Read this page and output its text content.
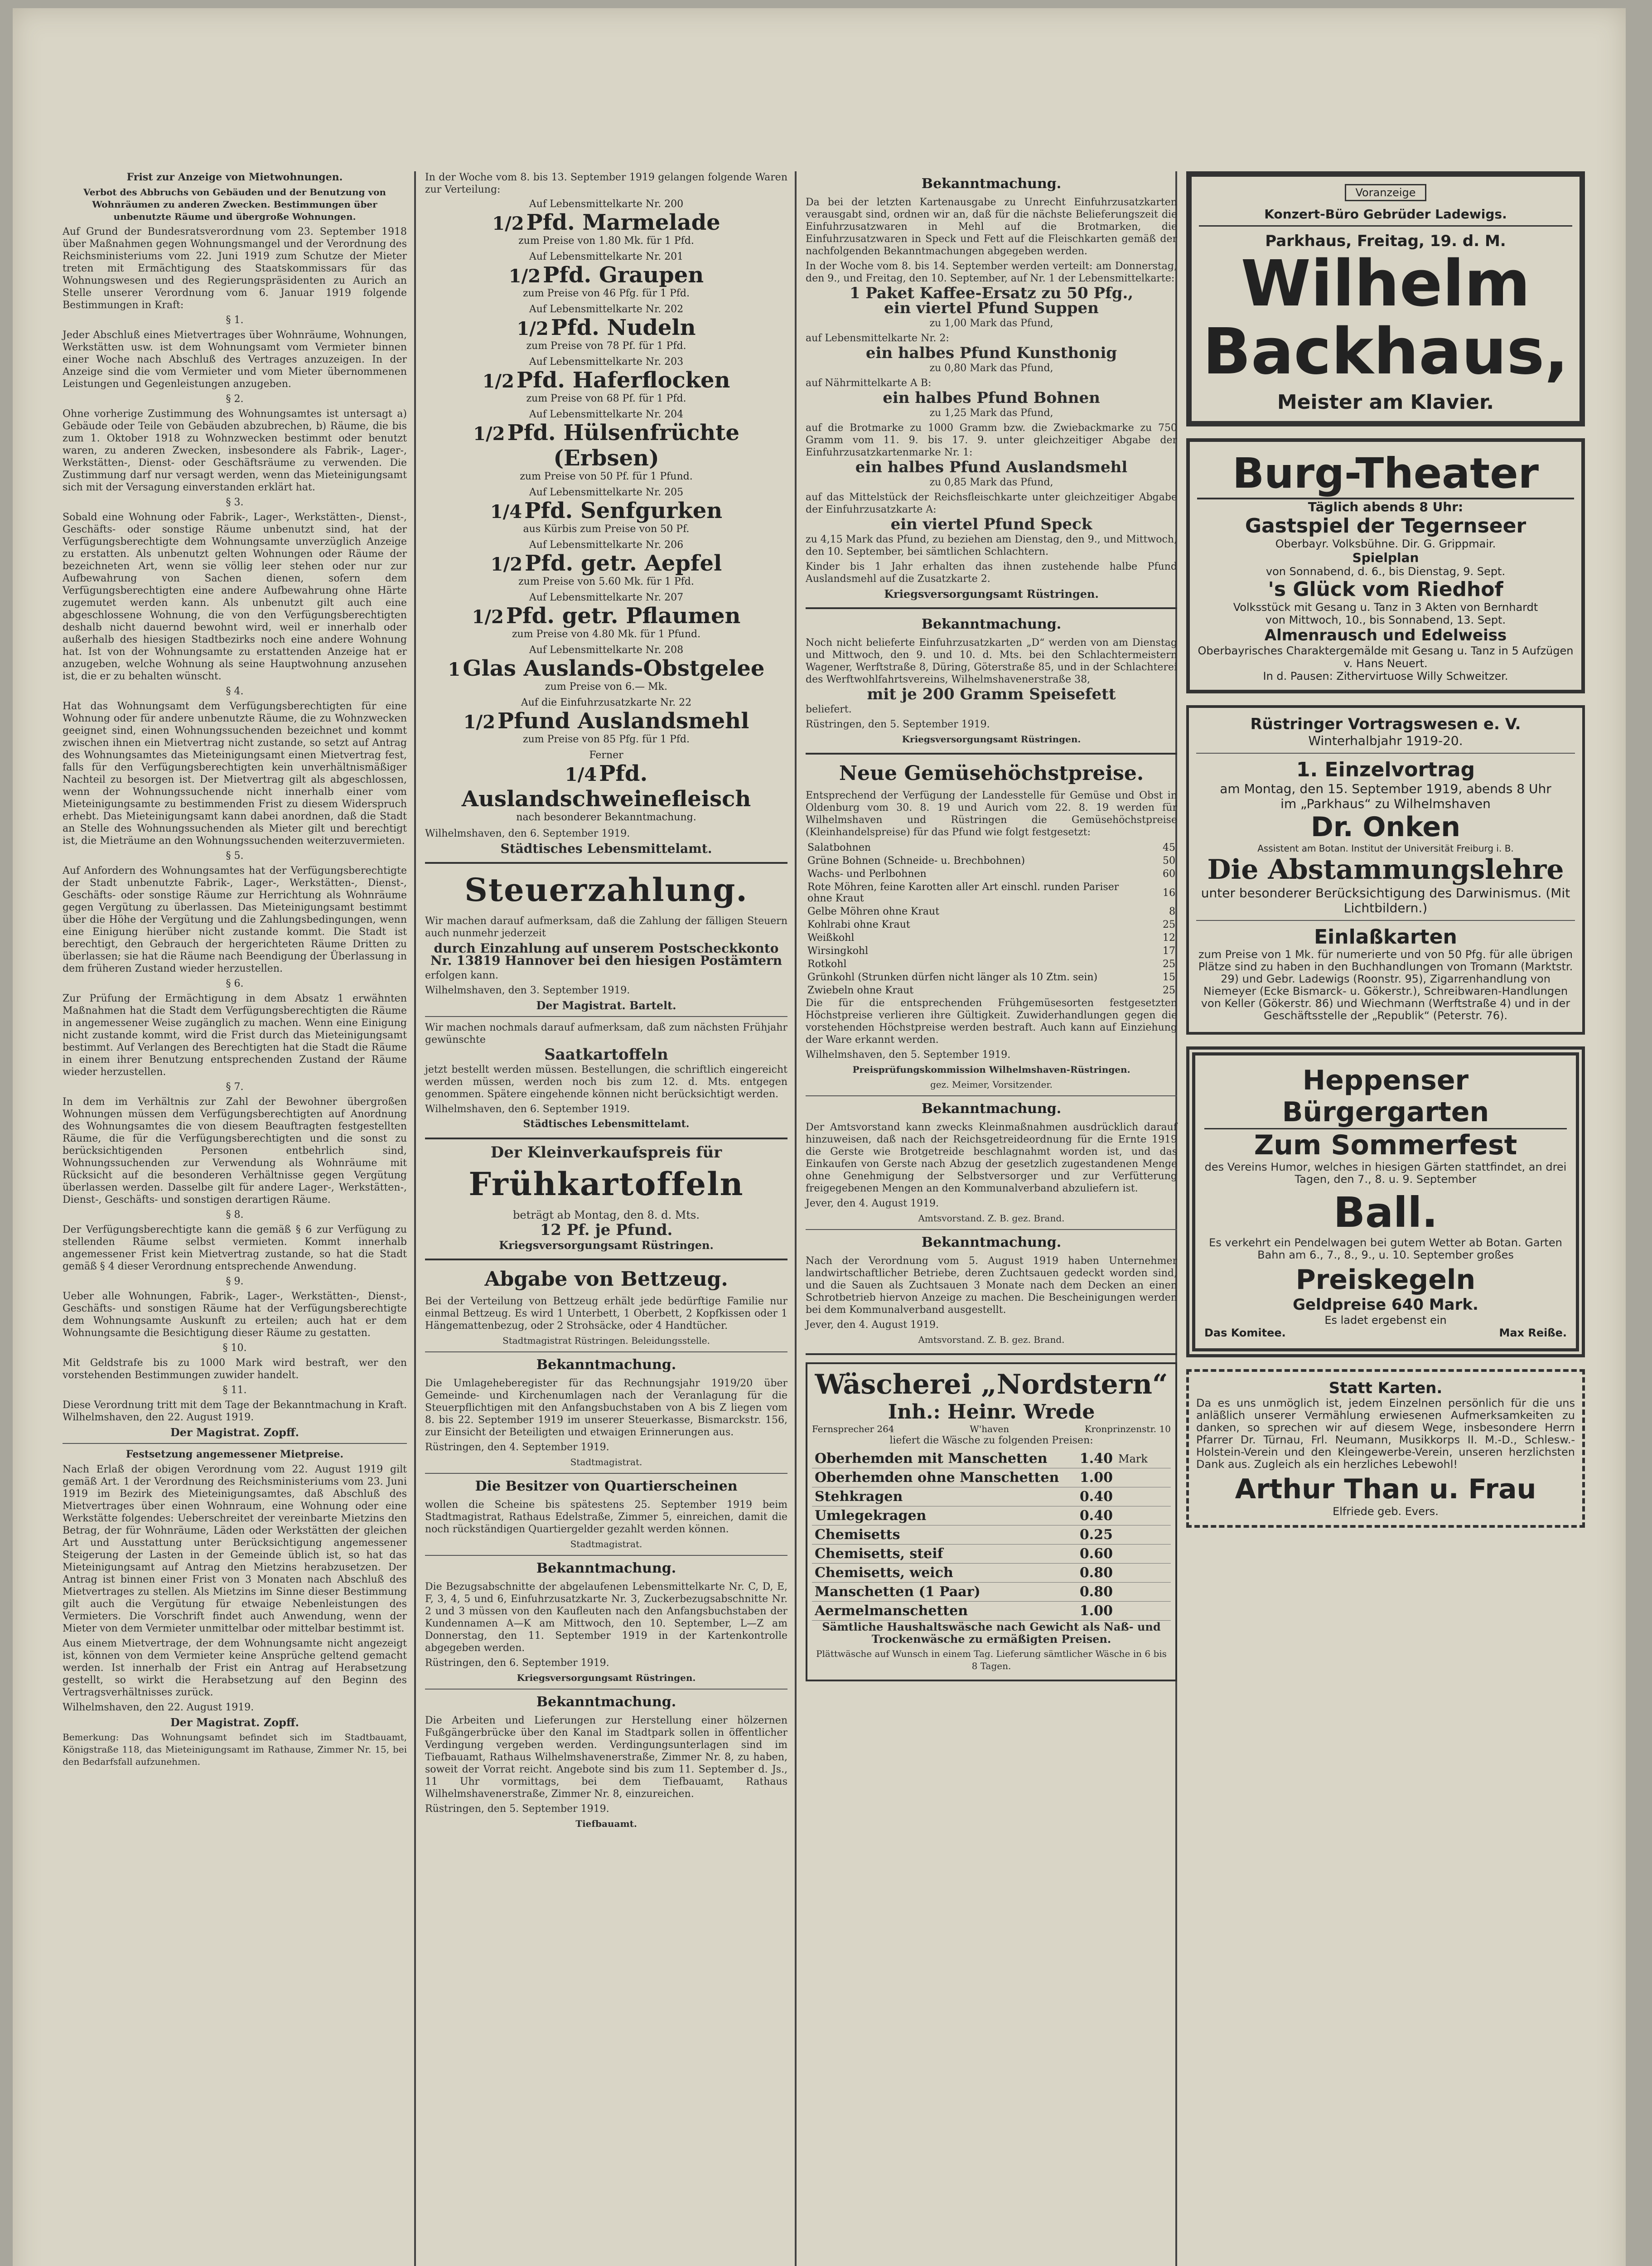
Frist zur Anzeige von Mietwohnungen.

Verbot des Abbruchs von Gebäuden und der Benutzung von Wohnräumen zu anderen Zwecken. Bestimmungen über unbenutzte Räume und übergroße Wohnungen.

Auf Grund der Bundesratsverordnung vom 23. September 1918 über Maßnahmen gegen Wohnungsmangel und der Verordnung des Reichsministeriums vom 22. Juni 1919 zum Schutze der Mieter treten mit Ermächtigung des Staatskommissars für das Wohnungswesen und des Regierungspräsidenten zu Aurich an Stelle unserer Verordnung vom 6. Januar 1919 folgende Bestimmungen in Kraft:

§ 1.

Jeder Abschluß eines Mietvertrages über Wohnräume, Wohnungen, Werkstätten usw. ist dem Wohnungsamt vom Vermieter binnen einer Woche nach Abschluß des Vertrages anzuzeigen. In der Anzeige sind die vom Vermieter und vom Mieter übernommenen Leistungen und Gegenleistungen anzugeben.

§ 2.

Ohne vorherige Zustimmung des Wohnungsamtes ist untersagt a) Gebäude oder Teile von Gebäuden abzubrechen, b) Räume, die bis zum 1. Oktober 1918 zu Wohnzwecken bestimmt oder benutzt waren, zu anderen Zwecken, insbesondere als Fabrik-, Lager-, Werkstätten-, Dienst- oder Geschäftsräume zu verwenden. Die Zustimmung darf nur versagt werden, wenn das Mieteinigungsamt sich mit der Versagung einverstanden erklärt hat.

§ 3.

Sobald eine Wohnung oder Fabrik-, Lager-, Werkstätten-, Dienst-, Geschäfts- oder sonstige Räume unbenutzt sind, hat der Verfügungsberechtigte dem Wohnungsamte unverzüglich Anzeige zu erstatten. Als unbenutzt gelten Wohnungen oder Räume der bezeichneten Art, wenn sie völlig leer stehen oder nur zur Aufbewahrung von Sachen dienen, sofern dem Verfügungsberechtigten eine andere Aufbewahrung ohne Härte zugemutet werden kann. Als unbenutzt gilt auch eine abgeschlossene Wohnung, die von den Verfügungsberechtigten deshalb nicht dauernd bewohnt wird, weil er innerhalb oder außerhalb des hiesigen Stadtbezirks noch eine andere Wohnung hat. Ist von der Wohnungsamte zu erstattenden Anzeige hat er anzugeben, welche Wohnung als seine Hauptwohnung anzusehen ist, die er zu behalten wünscht.

§ 4.

Hat das Wohnungsamt dem Verfügungsberechtigten für eine Wohnung oder für andere unbenutzte Räume, die zu Wohnzwecken geeignet sind, einen Wohnungssuchenden bezeichnet und kommt zwischen ihnen ein Mietvertrag nicht zustande, so setzt auf Antrag des Wohnungsamtes das Mieteinigungsamt einen Mietvertrag fest, falls für den Verfügungsberechtigten kein unverhältnismäßiger Nachteil zu besorgen ist. Der Mietvertrag gilt als abgeschlossen, wenn der Wohnungssuchende nicht innerhalb einer vom Mieteinigungsamte zu bestimmenden Frist zu diesem Widerspruch erhebt. Das Mieteinigungsamt kann dabei anordnen, daß die Stadt an Stelle des Wohnungssuchenden als Mieter gilt und berechtigt ist, die Mieträume an den Wohnungssuchenden weiterzuvermieten.

§ 5.

Auf Anfordern des Wohnungsamtes hat der Verfügungsberechtigte der Stadt unbenutzte Fabrik-, Lager-, Werkstätten-, Dienst-, Geschäfts- oder sonstige Räume zur Herrichtung als Wohnräume gegen Vergütung zu überlassen. Das Mieteinigungsamt bestimmt über die Höhe der Vergütung und die Zahlungsbedingungen, wenn eine Einigung hierüber nicht zustande kommt. Die Stadt ist berechtigt, den Gebrauch der hergerichteten Räume Dritten zu überlassen; sie hat die Räume nach Beendigung der Überlassung in dem früheren Zustand wieder herzustellen.

§ 6.

Zur Prüfung der Ermächtigung in dem Absatz 1 erwähnten Maßnahmen hat die Stadt dem Verfügungsberechtigten die Räume in angemessener Weise zugänglich zu machen. Wenn eine Einigung nicht zustande kommt, wird die Frist durch das Mieteinigungsamt bestimmt. Auf Verlangen des Berechtigten hat die Stadt die Räume in einem ihrer Benutzung entsprechenden Zustand der Räume wieder herzustellen.

§ 7.

In dem im Verhältnis zur Zahl der Bewohner übergroßen Wohnungen müssen dem Verfügungsberechtigten auf Anordnung des Wohnungsamtes die von diesem Beauftragten festgestellten Räume, die für die Verfügungsberechtigten und die sonst zu berücksichtigenden Personen entbehrlich sind, Wohnungssuchenden zur Verwendung als Wohnräume mit Rücksicht auf die besonderen Verhältnisse gegen Vergütung überlassen werden. Dasselbe gilt für andere Lager-, Werkstätten-, Dienst-, Geschäfts- und sonstigen derartigen Räume.

§ 8.

Der Verfügungsberechtigte kann die gemäß § 6 zur Verfügung zu stellenden Räume selbst vermieten. Kommt innerhalb angemessener Frist kein Mietvertrag zustande, so hat die Stadt gemäß § 4 dieser Verordnung entsprechende Anwendung.

§ 9.

Ueber alle Wohnungen, Fabrik-, Lager-, Werkstätten-, Dienst-, Geschäfts- und sonstigen Räume hat der Verfügungsberechtigte dem Wohnungsamte Auskunft zu erteilen; auch hat er dem Wohnungsamte die Besichtigung dieser Räume zu gestatten.

§ 10.

Mit Geldstrafe bis zu 1000 Mark wird bestraft, wer den vorstehenden Bestimmungen zuwider handelt.

§ 11.

Diese Verordnung tritt mit dem Tage der Bekanntmachung in Kraft. Wilhelmshaven, den 22. August 1919.

Der Magistrat. Zopff.

Festsetzung angemessener Mietpreise.

Nach Erlaß der obigen Verordnung vom 22. August 1919 gilt gemäß Art. 1 der Verordnung des Reichsministeriums vom 23. Juni 1919 im Bezirk des Mieteinigungsamtes, daß Abschluß des Mietvertrages über einen Wohnraum, eine Wohnung oder eine Werkstätte folgendes: Ueberschreitet der vereinbarte Mietzins den Betrag, der für Wohnräume, Läden oder Werkstätten der gleichen Art und Ausstattung unter Berücksichtigung angemessener Steigerung der Lasten in der Gemeinde üblich ist, so hat das Mieteinigungsamt auf Antrag den Mietzins herabzusetzen. Der Antrag ist binnen einer Frist von 3 Monaten nach Abschluß des Mietvertrages zu stellen. Als Mietzins im Sinne dieser Bestimmung gilt auch die Vergütung für etwaige Nebenleistungen des Vermieters. Die Vorschrift findet auch Anwendung, wenn der Mieter von dem Vermieter unmittelbar oder mittelbar bestimmt ist.

Aus einem Mietvertrage, der dem Wohnungsamte nicht angezeigt ist, können von dem Vermieter keine Ansprüche geltend gemacht werden. Ist innerhalb der Frist ein Antrag auf Herabsetzung gestellt, so wirkt die Herabsetzung auf den Beginn des Vertragsverhältnisses zurück.

Wilhelmshaven, den 22. August 1919.

Der Magistrat. Zopff.

Bemerkung: Das Wohnungsamt befindet sich im Stadtbauamt, Königstraße 118, das Mieteinigungsamt im Rathause, Zimmer Nr. 15, bei den Bedarfsfall aufzunehmen.

In der Woche vom 8. bis 13. September 1919 gelangen folgende Waren zur Verteilung:

Auf Lebensmittelkarte Nr. 200
1/2 Pfd. Marmelade
zum Preise von 1.80 Mk. für 1 Pfd.
Auf Lebensmittelkarte Nr. 201
1/2 Pfd. Graupen
zum Preise von 46 Pfg. für 1 Pfd.
Auf Lebensmittelkarte Nr. 202
1/2 Pfd. Nudeln
zum Preise von 78 Pf. für 1 Pfd.
Auf Lebensmittelkarte Nr. 203
1/2 Pfd. Haferflocken
zum Preise von 68 Pf. für 1 Pfd.
Auf Lebensmittelkarte Nr. 204
1/2 Pfd. Hülsenfrüchte (Erbsen)
zum Preise von 50 Pf. für 1 Pfund.
Auf Lebensmittelkarte Nr. 205
1/4 Pfd. Senfgurken
aus Kürbis zum Preise von 50 Pf.
Auf Lebensmittelkarte Nr. 206
1/2 Pfd. getr. Aepfel
zum Preise von 5.60 Mk. für 1 Pfd.
Auf Lebensmittelkarte Nr. 207
1/2 Pfd. getr. Pflaumen
zum Preise von 4.80 Mk. für 1 Pfund.
Auf Lebensmittelkarte Nr. 208
1 Glas Auslands-Obstgelee
zum Preise von 6.— Mk.
Auf die Einfuhrzusatzkarte Nr. 22
1/2 Pfund Auslandsmehl
zum Preise von 85 Pfg. für 1 Pfd.
Ferner
1/4 Pfd. Auslandschweinefleisch
nach besonderer Bekanntmachung.

Wilhelmshaven, den 6. September 1919.

Städtisches Lebensmittelamt.

Steuerzahlung.

Wir machen darauf aufmerksam, daß die Zahlung der fälligen Steuern auch nunmehr jederzeit

durch Einzahlung auf unserem Postscheckkonto Nr. 13819 Hannover bei den hiesigen Postämtern

erfolgen kann.

Wilhelmshaven, den 3. September 1919.

Der Magistrat. Bartelt.

Wir machen nochmals darauf aufmerksam, daß zum nächsten Frühjahr gewünschte

Saatkartoffeln

jetzt bestellt werden müssen. Bestellungen, die schriftlich eingereicht werden müssen, werden noch bis zum 12. d. Mts. entgegen genommen. Spätere eingehende können nicht berücksichtigt werden.

Wilhelmshaven, den 6. September 1919.

Städtisches Lebensmittelamt.

Der Kleinverkaufspreis für

Frühkartoffeln

beträgt ab Montag, den 8. d. Mts.

12 Pf. je Pfund.

Kriegsversorgungsamt Rüstringen.

Abgabe von Bettzeug.

Bei der Verteilung von Bettzeug erhält jede bedürftige Familie nur einmal Bettzeug. Es wird 1 Unterbett, 1 Oberbett, 2 Kopfkissen oder 1 Hängemattenbezug, oder 2 Strohsäcke, oder 4 Handtücher.

Stadtmagistrat Rüstringen. Beleidungsstelle.

Bekanntmachung.

Die Umlageheberegister für das Rechnungsjahr 1919/20 über Gemeinde- und Kirchenumlagen nach der Veranlagung für die Steuerpflichtigen mit den Anfangsbuchstaben von A bis Z liegen vom 8. bis 22. September 1919 im unserer Steuerkasse, Bismarckstr. 156, zur Einsicht der Beteiligten und etwaigen Erinnerungen aus.

Rüstringen, den 4. September 1919.

Stadtmagistrat.

Die Besitzer von Quartierscheinen

wollen die Scheine bis spätestens 25. September 1919 beim Stadtmagistrat, Rathaus Edelstraße, Zimmer 5, einreichen, damit die noch rückständigen Quartiergelder gezahlt werden können.

Stadtmagistrat.

Bekanntmachung.

Die Bezugsabschnitte der abgelaufenen Lebensmittelkarte Nr. C, D, E, F, 3, 4, 5 und 6, Einfuhrzusatzkarte Nr. 3, Zuckerbezugsabschnitte Nr. 2 und 3 müssen von den Kaufleuten nach den Anfangsbuchstaben der Kundennamen A—K am Mittwoch, den 10. September, L—Z am Donnerstag, den 11. September 1919 in der Kartenkontrolle abgegeben werden.

Rüstringen, den 6. September 1919.

Kriegsversorgungsamt Rüstringen.

Bekanntmachung.

Die Arbeiten und Lieferungen zur Herstellung einer hölzernen Fußgängerbrücke über den Kanal im Stadtpark sollen in öffentlicher Verdingung vergeben werden. Verdingungsunterlagen sind im Tiefbauamt, Rathaus Wilhelmshavenerstraße, Zimmer Nr. 8, zu haben, soweit der Vorrat reicht. Angebote sind bis zum 11. September d. Js., 11 Uhr vormittags, bei dem Tiefbauamt, Rathaus Wilhelmshavenerstraße, Zimmer Nr. 8, einzureichen.

Rüstringen, den 5. September 1919.

Tiefbauamt.

Bekanntmachung.

Da bei der letzten Kartenausgabe zu Unrecht Einfuhrzusatzkarten verausgabt sind, ordnen wir an, daß für die nächste Belieferungszeit die Einfuhrzusatzwaren in Mehl auf die Brotmarken, die Einfuhrzusatzwaren in Speck und Fett auf die Fleischkarten gemäß der nachfolgenden Bekanntmachungen abgegeben werden.

In der Woche vom 8. bis 14. September werden verteilt: am Donnerstag, den 9., und Freitag, den 10. September, auf Nr. 1 der Lebensmittelkarte:

1 Paket Kaffee-Ersatz zu 50 Pfg.,

ein viertel Pfund Suppen

zu 1,00 Mark das Pfund,

auf Lebensmittelkarte Nr. 2:

ein halbes Pfund Kunsthonig

zu 0,80 Mark das Pfund,

auf Nährmittelkarte A B:

ein halbes Pfund Bohnen

zu 1,25 Mark das Pfund,

auf die Brotmarke zu 1000 Gramm bzw. die Zwiebackmarke zu 750 Gramm vom 11. 9. bis 17. 9. unter gleichzeitiger Abgabe der Einfuhrzusatzkartenmarke Nr. 1:

ein halbes Pfund Auslandsmehl

zu 0,85 Mark das Pfund,

auf das Mittelstück der Reichsfleischkarte unter gleichzeitiger Abgabe der Einfuhrzusatzkarte A:

ein viertel Pfund Speck

zu 4,15 Mark das Pfund, zu beziehen am Dienstag, den 9., und Mittwoch, den 10. September, bei sämtlichen Schlachtern.

Kinder bis 1 Jahr erhalten das ihnen zustehende halbe Pfund Auslandsmehl auf die Zusatzkarte 2.

Kriegsversorgungsamt Rüstringen.

Bekanntmachung.

Noch nicht belieferte Einfuhrzusatzkarten „D“ werden von am Dienstag und Mittwoch, den 9. und 10. d. Mts. bei den Schlachtermeistern Wagener, Werftstraße 8, Düring, Göterstraße 85, und in der Schlachterei des Werftwohlfahrtsvereins, Wilhelmshavenerstraße 38,

mit je 200 Gramm Speisefett

beliefert.

Rüstringen, den 5. September 1919.

Kriegsversorgungsamt Rüstringen.

Neue Gemüsehöchstpreise.

Entsprechend der Verfügung der Landesstelle für Gemüse und Obst in Oldenburg vom 30. 8. 19 und Aurich vom 22. 8. 19 werden für Wilhelmshaven und Rüstringen die Gemüsehöchstpreise (Kleinhandelspreise) für das Pfund wie folgt festgesetzt:

Salatbohnen	45
Grüne Bohnen (Schneide- u. Brechbohnen)	50
Wachs- und Perlbohnen	60
Rote Möhren, feine Karotten aller Art einschl. runden Pariser ohne Kraut	16
Gelbe Möhren ohne Kraut	8
Kohlrabi ohne Kraut	25
Weißkohl	12
Wirsingkohl	17
Rotkohl	25
Grünkohl (Strunken dürfen nicht länger als 10 Ztm. sein)	15
Zwiebeln ohne Kraut	25

Die für die entsprechenden Frühgemüsesorten festgesetzten Höchstpreise verlieren ihre Gültigkeit. Zuwiderhandlungen gegen die vorstehenden Höchstpreise werden bestraft. Auch kann auf Einziehung der Ware erkannt werden.

Wilhelmshaven, den 5. September 1919.

Preisprüfungskommission Wilhelmshaven-Rüstringen.

gez. Meimer, Vorsitzender.

Bekanntmachung.

Der Amtsvorstand kann zwecks Kleinmaßnahmen ausdrücklich darauf hinzuweisen, daß nach der Reichsgetreideordnung für die Ernte 1919 die Gerste wie Brotgetreide beschlagnahmt worden ist, und das Einkaufen von Gerste nach Abzug der gesetzlich zugestandenen Menge ohne Genehmigung der Selbstversorger und zur Verfütterung freigegebenen Mengen an den Kommunalverband abzuliefern ist.

Jever, den 4. August 1919.

Amtsvorstand. Z. B. gez. Brand.

Bekanntmachung.

Nach der Verordnung vom 5. August 1919 haben Unternehmer landwirtschaftlicher Betriebe, deren Zuchtsauen gedeckt worden sind, und die Sauen als Zuchtsauen 3 Monate nach dem Decken an einen Schrotbetrieb hiervon Anzeige zu machen. Die Bescheinigungen werden bei dem Kommunalverband ausgestellt.

Jever, den 4. August 1919.

Amtsvorstand. Z. B. gez. Brand.

Wäscherei „Nordstern“
Inh.: Heinr. Wrede
Fernsprecher 264	W'haven	Kronprinzenstr. 10

liefert die Wäsche zu folgenden Preisen:

Oberhemden mit Manschetten	1.40	Mark
Oberhemden ohne Manschetten	1.00	
Stehkragen	0.40	
Umlegekragen	0.40	
Chemisetts	0.25	
Chemisetts, steif	0.60	
Chemisetts, weich	0.80	
Manschetten (1 Paar)	0.80	
Aermelmanschetten	1.00	

Sämtliche Haushaltswäsche nach Gewicht als Naß- und Trockenwäsche zu ermäßigten Preisen.

Plättwäsche auf Wunsch in einem Tag. Lieferung sämtlicher Wäsche in 6 bis 8 Tagen.

Voranzeige
Konzert-Büro Gebrüder Ladewigs.
Parkhaus, Freitag, 19. d. M.
Wilhelm
Backhaus,
Meister am Klavier.
Burg-Theater
Täglich abends 8 Uhr:
Gastspiel der Tegernseer
Oberbayr. Volksbühne. Dir. G. Grippmair.
Spielplan
von Sonnabend, d. 6., bis Dienstag, 9. Sept.
's Glück vom Riedhof
Volksstück mit Gesang u. Tanz in 3 Akten von Bernhardt
von Mittwoch, 10., bis Sonnabend, 13. Sept.
Almenrausch und Edelweiss
Oberbayrisches Charaktergemälde mit Gesang u. Tanz in 5 Aufzügen v. Hans Neuert.
In d. Pausen: Zithervirtuose Willy Schweitzer.
Rüstringer Vortragswesen e. V.
Winterhalbjahr 1919-20.
1. Einzelvortrag
am Montag, den 15. September 1919, abends 8 Uhr
im „Parkhaus“ zu Wilhelmshaven
Dr. Onken
Assistent am Botan. Institut der Universität Freiburg i. B.
Die Abstammungslehre
unter besonderer Berücksichtigung des Darwinismus. (Mit Lichtbildern.)
Einlaßkarten

zum Preise von 1 Mk. für numerierte und von 50 Pfg. für alle übrigen Plätze sind zu haben in den Buchhandlungen von Tromann (Marktstr. 29) und Gebr. Ladewigs (Roonstr. 95), Zigarrenhandlung von Niemeyer (Ecke Bismarck- u. Gökerstr.), Schreibwaren-Handlungen von Keller (Gökerstr. 86) und Wiechmann (Werftstraße 4) und in der Geschäftsstelle der „Republik“ (Peterstr. 76).

Heppenser Bürgergarten
Zum Sommerfest

des Vereins Humor, welches in hiesigen Gärten stattfindet, an drei Tagen, den 7., 8. u. 9. September

Ball.

Es verkehrt ein Pendelwagen bei gutem Wetter ab Botan. Garten Bahn am 6., 7., 8., 9., u. 10. September großes

Preiskegeln
Geldpreise 640 Mark.
Es ladet ergebenst ein
Das Komitee.	Max Reiße.
Statt Karten.

Da es uns unmöglich ist, jedem Einzelnen persönlich für die uns anläßlich unserer Vermählung erwiesenen Aufmerksamkeiten zu danken, so sprechen wir auf diesem Wege, insbesondere Herrn Pfarrer Dr. Türnau, Frl. Neumann, Musikkorps II. M.-D., Schlesw.-Holstein-Verein und den Kleingewerbe-Verein, unseren herzlichsten Dank aus. Zugleich als ein herzliches Lebewohl!

Arthur Than u. Frau
Elfriede geb. Evers.
